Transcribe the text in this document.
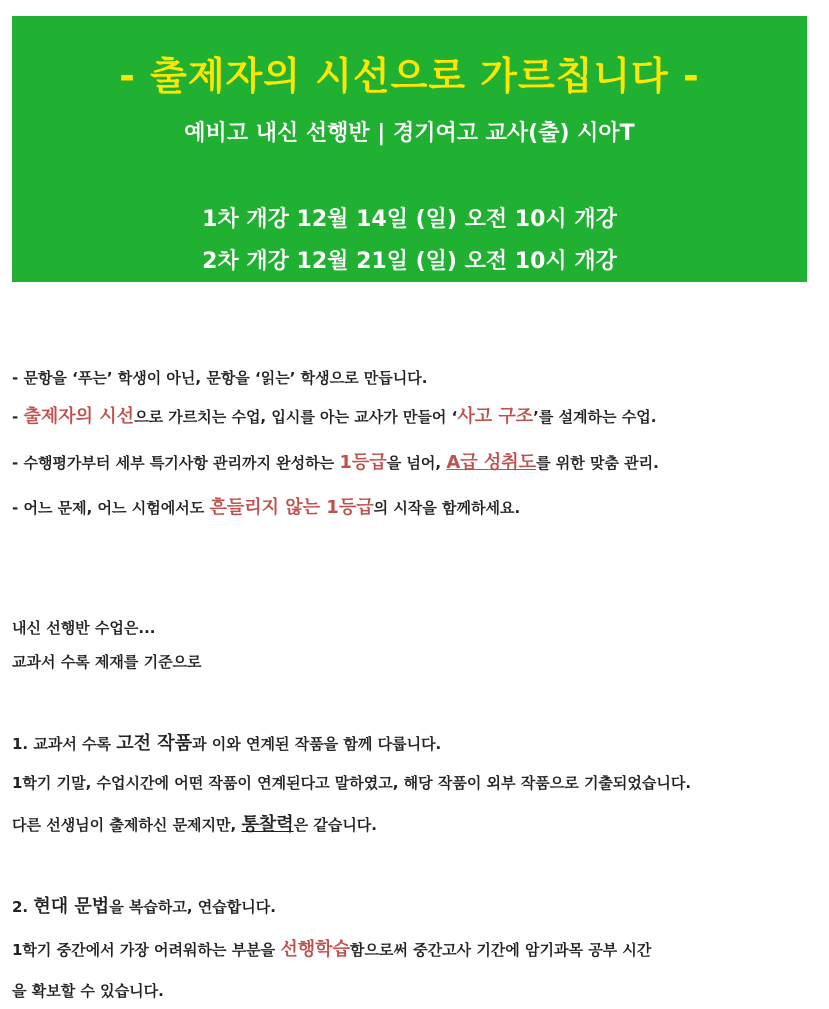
- 출제자의 시선으로 가르칩니다 -
예비고 내신 선행반 | 경기여고 교사(출) 시아T
1차 개강 12월 14일 (일) 오전 10시 개강
2차 개강 12월 21일 (일) 오전 10시 개강
- 문항을 ‘푸는’ 학생이 아닌, 문항을 ‘읽는’ 학생으로 만듭니다.
- 출제자의 시선으로 가르치는 수업, 입시를 아는 교사가 만들어 ‘사고 구조’를 설계하는 수업.
- 수행평가부터 세부 특기사항 관리까지 완성하는 1등급을 넘어, A급 성취도를 위한 맞춤 관리.
- 어느 문제, 어느 시험에서도 흔들리지 않는 1등급의 시작을 함께하세요.
내신 선행반 수업은...
교과서 수록 제재를 기준으로
1. 교과서 수록 고전 작품과 이와 연계된 작품을 함께 다룹니다.
1학기 기말, 수업시간에 어떤 작품이 연계된다고 말하였고, 해당 작품이 외부 작품으로 기출되었습니다.
다른 선생님이 출제하신 문제지만, 통찰력은 같습니다.
2. 현대 문법을 복습하고, 연습합니다.
1학기 중간에서 가장 어려워하는 부분을 선행학습함으로써 중간고사 기간에 암기과목 공부 시간
을 확보할 수 있습니다.
